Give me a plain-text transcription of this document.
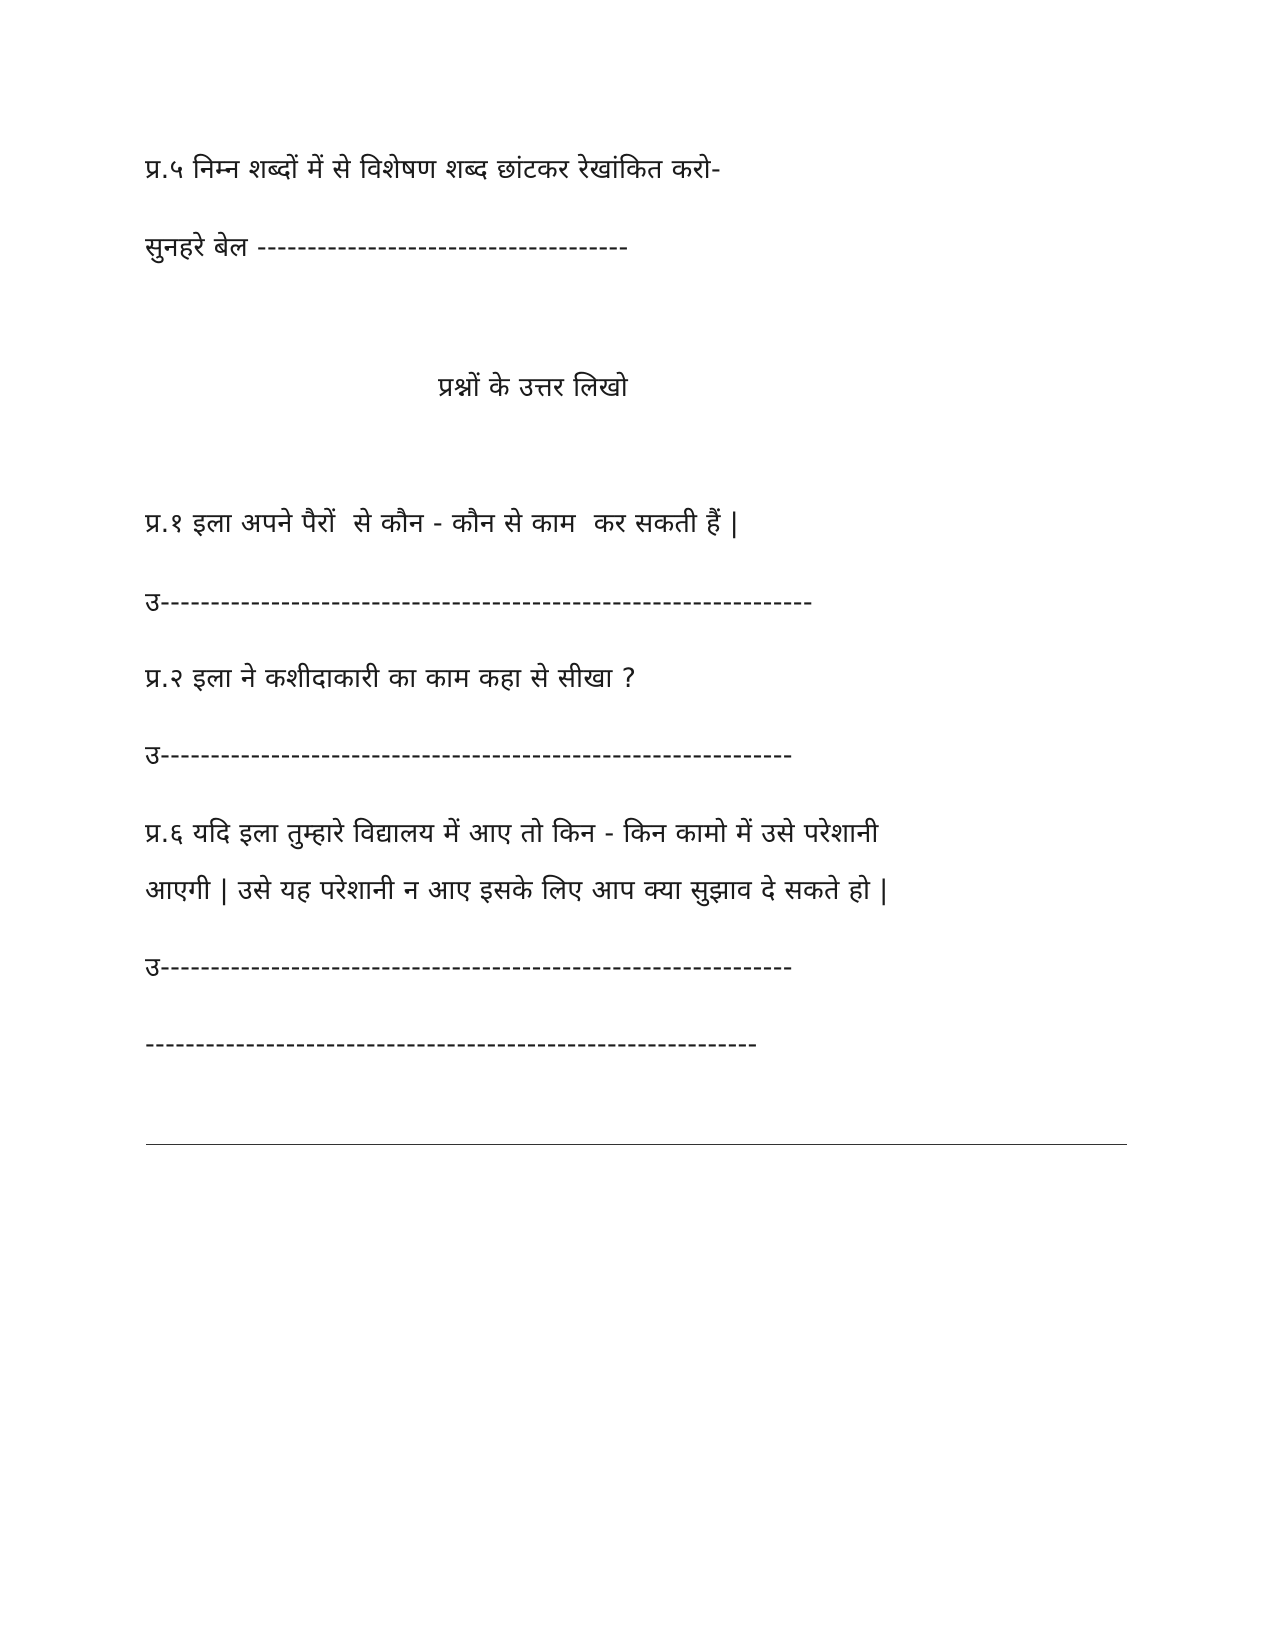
प्र.५ निम्न शब्दों में से विशेषण शब्द छांटकर रेखांकित करो-
सुनहरे बेल -------------------------------------
प्रश्नों के उत्तर लिखो
प्र.१ इला अपने पैरों  से कौन - कौन से काम  कर सकती हैं |
उ-----------------------------------------------------------------
प्र.२ इला ने कशीदाकारी का काम कहा से सीखा ?
उ---------------------------------------------------------------
प्र.६ यदि इला तुम्हारे विद्यालय में आए तो किन - किन कामो में उसे परेशानी
आएगी | उसे यह परेशानी न आए इसके लिए आप क्या सुझाव दे सकते हो |
उ---------------------------------------------------------------
-------------------------------------------------------------
